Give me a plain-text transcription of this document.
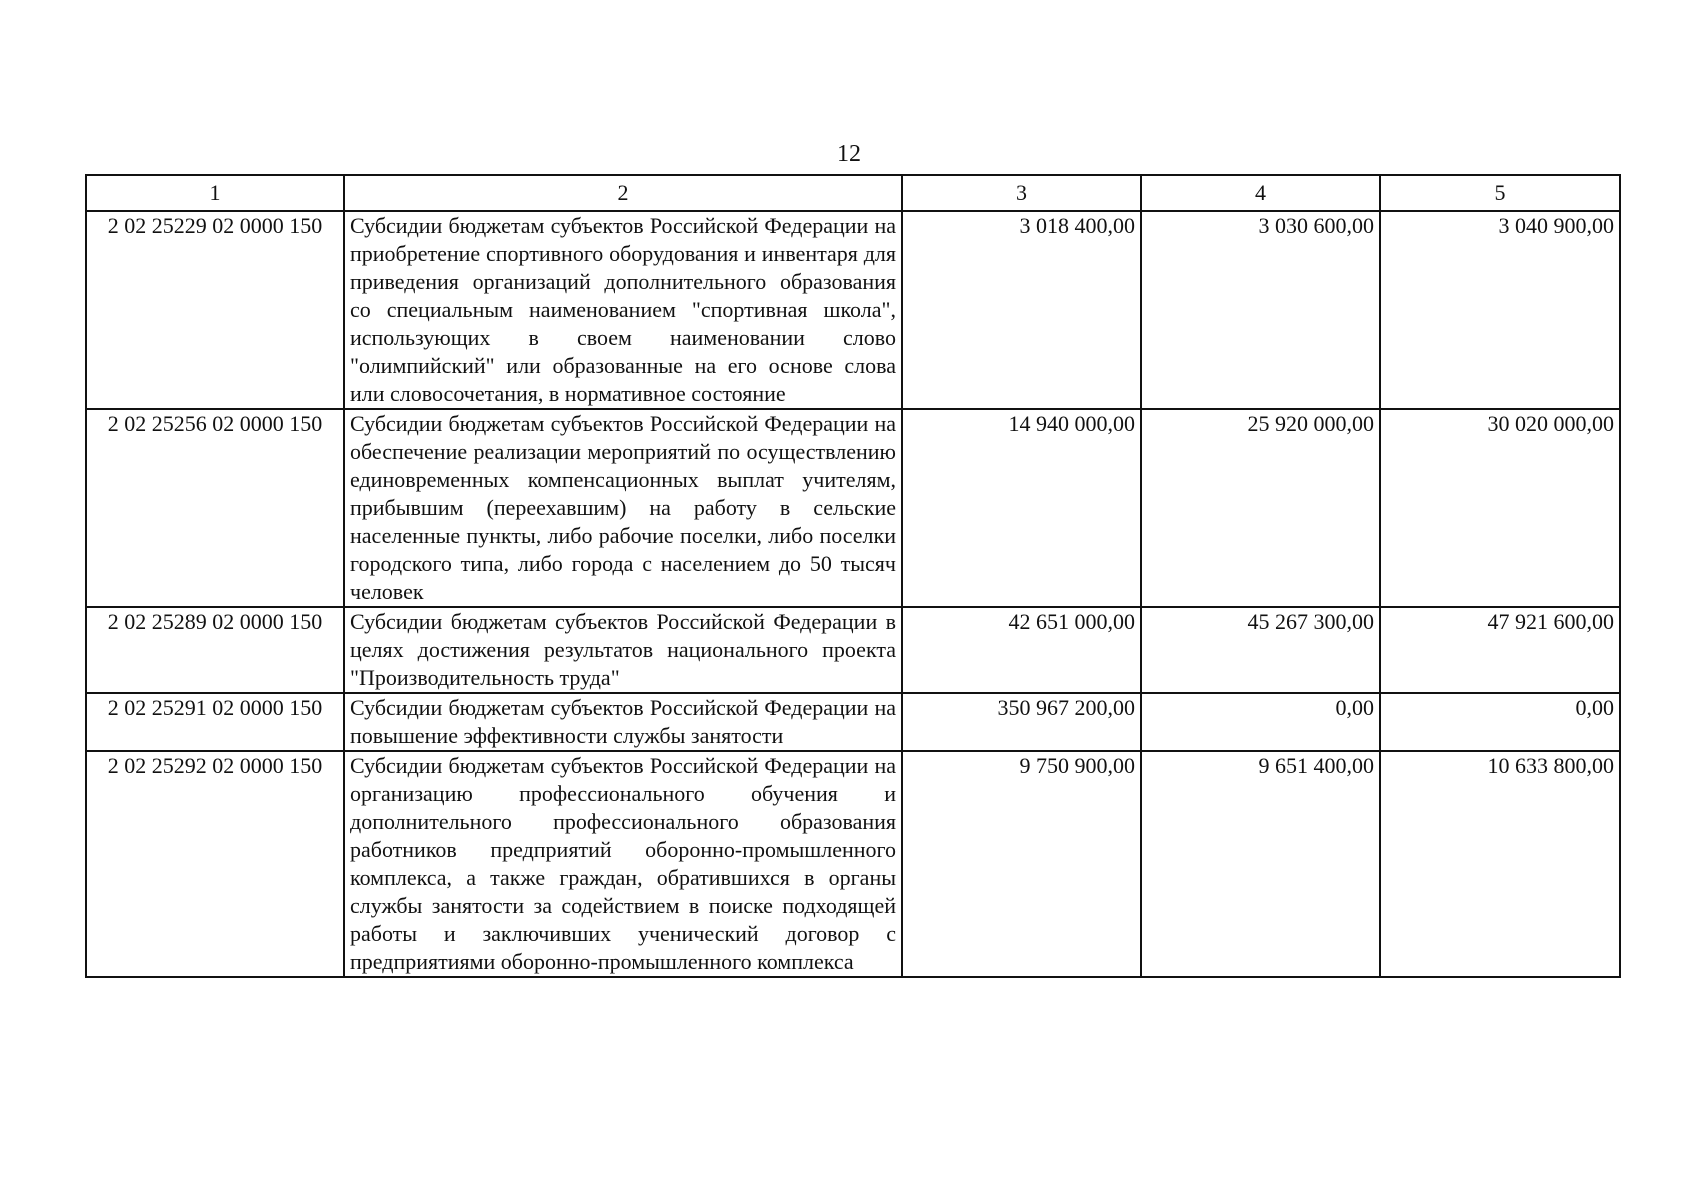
12
1	2	3	4	5
2 02 25229 02 0000 150	Субсидии бюджетам субъектов Российской Федерации на приобретение спортивного оборудования и инвентаря для приведения организаций дополнительного образования со специальным наименованием "спортивная школа", использующих в своем наименовании слово "олимпийский" или образованные на его основе слова или словосочетания, в нормативное состояние	3 018 400,00	3 030 600,00	3 040 900,00
2 02 25256 02 0000 150	Субсидии бюджетам субъектов Российской Федерации на обеспечение реализации мероприятий по осуществлению единовременных компенсационных выплат учителям, прибывшим (переехавшим) на работу в сельские населенные пункты, либо рабочие поселки, либо поселки городского типа, либо города с населением до 50 тысяч человек	14 940 000,00	25 920 000,00	30 020 000,00
2 02 25289 02 0000 150	Субсидии бюджетам субъектов Российской Федерации в целях достижения результатов национального проекта "Производительность труда"	42 651 000,00	45 267 300,00	47 921 600,00
2 02 25291 02 0000 150	Субсидии бюджетам субъектов Российской Федерации на повышение эффективности службы занятости	350 967 200,00	0,00	0,00
2 02 25292 02 0000 150	Субсидии бюджетам субъектов Российской Федерации на организацию профессионального обучения и дополнительного профессионального образования работников предприятий оборонно-промышленного комплекса, а также граждан, обратившихся в органы службы занятости за содействием в поиске подходящей работы и заключивших ученический договор с предприятиями оборонно-промышленного комплекса	9 750 900,00	9 651 400,00	10 633 800,00
